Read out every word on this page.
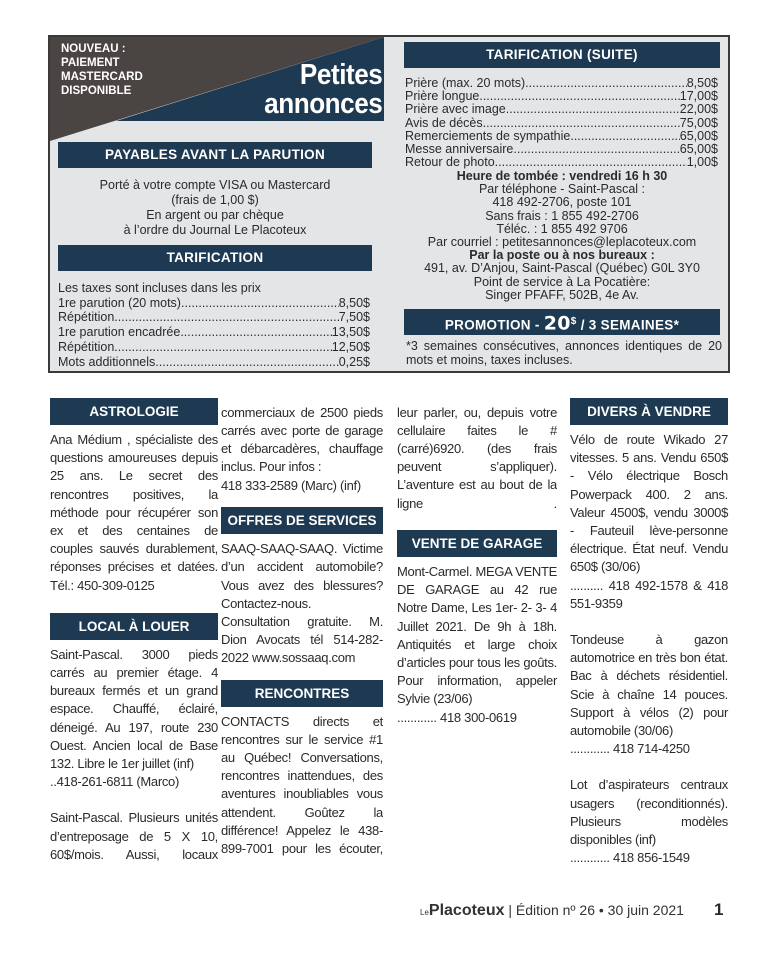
NOUVEAU :
PAIEMENT
MASTERCARD
DISPONIBLE	Petites
annonces
PAYABLES AVANT LA PARUTION
Porté à votre compte VISA ou Mastercard
(frais de 1,00 $)
En argent ou par chèque
à l’ordre du Journal Le Placoteux
TARIFICATION
Les taxes sont incluses dans les prix
1re parution (20 mots) .....	8,50$
Répétition .....	7,50$
1re parution encadrée .....	13,50$
Répétition .....	12,50$
Mots additionnels .....	0,25$
TARIFICATION (SUITE)
Prière (max. 20 mots) .....	8,50$
Prière longue .....	17,00$
Prière avec image .....	22,00$
Avis de décès .....	75,00$
Remerciements de sympathie .....	65,00$
Messe anniversaire .....	65,00$
Retour de photo .....	1,00$
Heure de tombée : vendredi 16 h 30
Par téléphone - Saint-Pascal :
418 492-2706, poste 101
Sans frais : 1 855 492-2706
Téléc. : 1 855 492 9706
Par courriel : petitesannonces@leplacoteux.com
Par la poste ou à nos bureaux :
491, av. D’Anjou, Saint-Pascal (Québec) G0L 3Y0
Point de service à La Pocatière:
Singer PFAFF, 502B, 4e Av.
PROMOTION - 20$ / 3 SEMAINES*
*3 semaines consécutives, annonces identiques de 20 mots et moins, taxes incluses.
ASTROLOGIE

Ana Médium , spécialiste des questions amoureuses depuis 25 ans. Le secret des rencontres positives, la méthode pour récupérer son ex et des centaines de couples sauvés durablement, réponses précises et datées. Tél.: 450-309-0125

LOCAL À LOUER

Saint-Pascal. 3000 pieds carrés au premier étage. 4 bureaux fermés et un grand espace. Chauffé, éclairé, déneigé. Au 197, route 230 Ouest. Ancien local de Base 132. Libre le 1er juillet (inf)

..418-261-6811 (Marco)

Saint-Pascal. Plusieurs unités d’entreposage de 5 X 10, 60$/mois. Aussi, locaux

commerciaux de 2500 pieds carrés avec porte de garage et débarcadères, chauffage inclus. Pour infos :

418 333-2589 (Marc) (inf)

OFFRES DE SERVICES

SAAQ-SAAQ-SAAQ. Victime d’un accident automobile? Vous avez des blessures? Contactez-nous. Consultation gratuite. M. Dion Avocats tél 514-282-2022 www.sossaaq.com

RENCONTRES

CONTACTS directs et rencontres sur le service #1 au Québec! Conversations, rencontres inattendues, des aventures inoubliables vous attendent. Goûtez la différence! Appelez le 438-899-7001 pour les écouter,

leur parler, ou, depuis votre cellulaire faites le #(carré)6920. (des frais peuvent s’appliquer). L’aventure est au bout de la ligne .

VENTE DE GARAGE

Mont-Carmel. MEGA VENTE DE GARAGE au 42 rue Notre Dame, Les 1er- 2- 3- 4 Juillet 2021. De 9h à 18h. Antiquités et large choix d’articles pour tous les goûts. Pour information, appeler Sylvie (23/06)

............ 418 300-0619

DIVERS À VENDRE

Vélo de route Wikado 27 vitesses. 5 ans. Vendu 650$ - Vélo électrique Bosch Powerpack 400. 2 ans. Valeur 4500$, vendu 3000$ - Fauteuil lève-personne électrique. État neuf. Vendu 650$ (30/06)

.......... 418 492-1578 & 418 551-9359

Tondeuse à gazon automotrice en très bon état. Bac à déchets résidentiel. Scie à chaîne 14 pouces. Support à vélos (2) pour automobile (30/06)

............ 418 714-4250

Lot d’aspirateurs centraux usagers (reconditionnés). Plusieurs modèles disponibles (inf)

............ 418 856-1549

LePlacoteux | Édition nº 26 • 30 juin 2021 1
